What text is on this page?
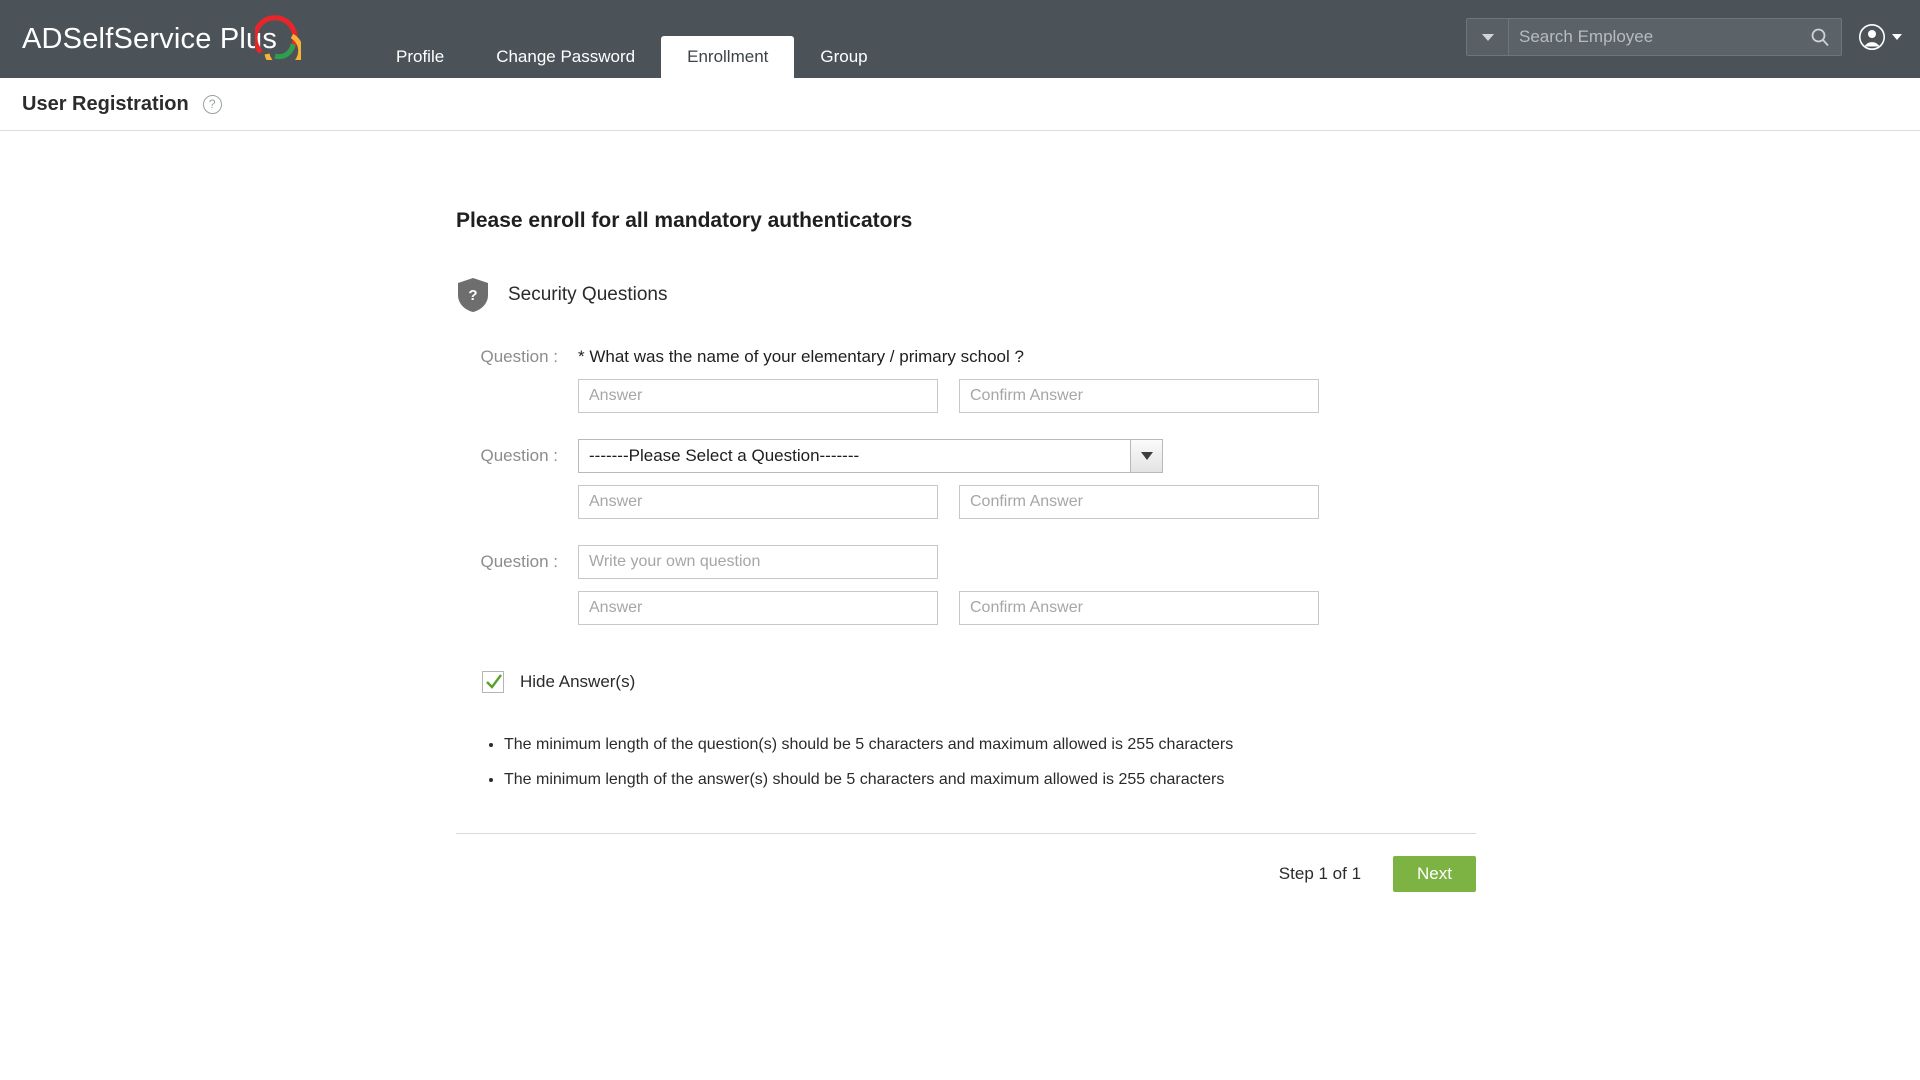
ADSelfService Plus
Profile	Change Password	Enrollment	Group
Search Employee
User Registration	?
Please enroll for all mandatory authenticators
? Security Questions
Question :	* What was the name of your elementary / primary school ?
Answer
Confirm Answer
Question :	-------Please Select a Question-------
Answer
Confirm Answer
Question :
Write your own question
Answer
Confirm Answer
Hide Answer(s)
• The minimum length of the question(s) should be 5 characters and maximum allowed is 255 characters
• The minimum length of the answer(s) should be 5 characters and maximum allowed is 255 characters
Step 1 of 1	Next
